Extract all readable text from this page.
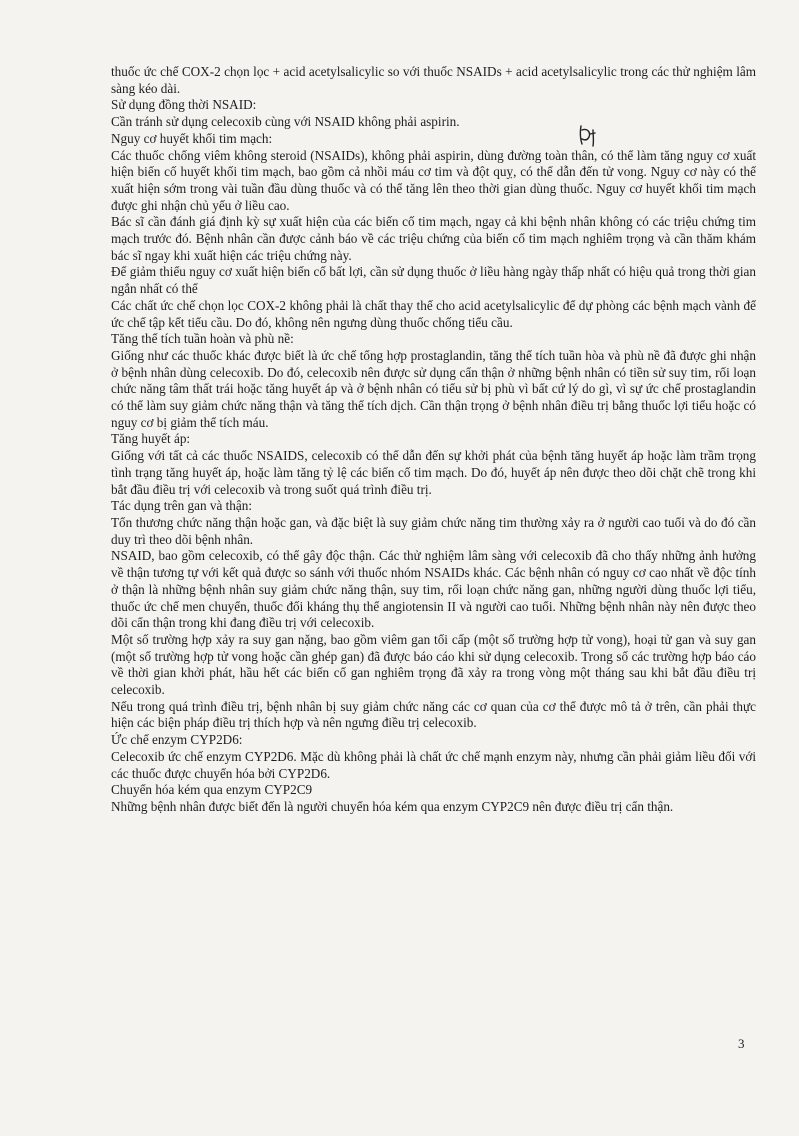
thuốc ức chế COX-2 chọn lọc + acid acetylsalicylic so với thuốc NSAIDs + acid acetylsalicylic trong các thử nghiệm lâm sàng kéo dài.

Sử dụng đồng thời NSAID:

Cần tránh sử dụng celecoxib cùng với NSAID không phải aspirin.

Nguy cơ huyết khối tim mạch:

Các thuốc chống viêm không steroid (NSAIDs), không phải aspirin, dùng đường toàn thân, có thể làm tăng nguy cơ xuất hiện biến cố huyết khối tim mạch, bao gồm cả nhồi máu cơ tim và đột quỵ, có thể dẫn đến tử vong. Nguy cơ này có thể xuất hiện sớm trong vài tuần đầu dùng thuốc và có thể tăng lên theo thời gian dùng thuốc. Nguy cơ huyết khối tim mạch được ghi nhận chủ yếu ở liều cao.

Bác sĩ cần đánh giá định kỳ sự xuất hiện của các biến cố tim mạch, ngay cả khi bệnh nhân không có các triệu chứng tim mạch trước đó. Bệnh nhân cần được cảnh báo về các triệu chứng của biến cố tim mạch nghiêm trọng và cần thăm khám bác sĩ ngay khi xuất hiện các triệu chứng này.

Để giảm thiểu nguy cơ xuất hiện biến cố bất lợi, cần sử dụng thuốc ở liều hàng ngày thấp nhất có hiệu quả trong thời gian ngắn nhất có thể

Các chất ức chế chọn lọc COX-2 không phải là chất thay thế cho acid acetylsalicylic để dự phòng các bệnh mạch vành để ức chế tập kết tiểu cầu. Do đó, không nên ngưng dùng thuốc chống tiểu cầu.

Tăng thể tích tuần hoàn và phù nề:

Giống như các thuốc khác được biết là ức chế tổng hợp prostaglandin, tăng thể tích tuần hòa và phù nề đã được ghi nhận ở bệnh nhân dùng celecoxib. Do đó, celecoxib nên được sử dụng cẩn thận ở những bệnh nhân có tiền sử suy tim, rối loạn chức năng tâm thất trái hoặc tăng huyết áp và ở bệnh nhân có tiểu sử bị phù vì bất cứ lý do gì, vì sự ức chế prostaglandin có thể làm suy giảm chức năng thận và tăng thể tích dịch. Cần thận trọng ở bệnh nhân điều trị bằng thuốc lợi tiểu hoặc có nguy cơ bị giảm thể tích máu.

Tăng huyết áp:

Giống với tất cả các thuốc NSAIDS, celecoxib có thể dẫn đến sự khởi phát của bệnh tăng huyết áp hoặc làm trầm trọng tình trạng tăng huyết áp, hoặc làm tăng tỷ lệ các biến cố tim mạch. Do đó, huyết áp nên được theo dõi chặt chẽ trong khi bắt đầu điều trị với celecoxib và trong suốt quá trình điều trị.

Tác dụng trên gan và thận:

Tổn thương chức năng thận hoặc gan, và đặc biệt là suy giảm chức năng tim thường xảy ra ở người cao tuổi và do đó cần duy trì theo dõi bệnh nhân.

NSAID, bao gồm celecoxib, có thể gây độc thận. Các thử nghiệm lâm sàng với celecoxib đã cho thấy những ảnh hưởng về thận tương tự với kết quả được so sánh với thuốc nhóm NSAIDs khác. Các bệnh nhân có nguy cơ cao nhất về độc tính ở thận là những bệnh nhân suy giảm chức năng thận, suy tim, rối loạn chức năng gan, những người dùng thuốc lợi tiểu, thuốc ức chế men chuyển, thuốc đối kháng thụ thể angiotensin II và người cao tuổi. Những bệnh nhân này nên được theo dõi cẩn thận trong khi đang điều trị với celecoxib.

Một số trường hợp xảy ra suy gan nặng, bao gồm viêm gan tối cấp (một số trường hợp tử vong), hoại tử gan và suy gan (một số trường hợp tử vong hoặc cần ghép gan) đã được báo cáo khi sử dụng celecoxib. Trong số các trường hợp báo cáo về thời gian khởi phát, hầu hết các biến cố gan nghiêm trọng đã xảy ra trong vòng một tháng sau khi bắt đầu điều trị celecoxib.

Nếu trong quá trình điều trị, bệnh nhân bị suy giảm chức năng các cơ quan của cơ thể được mô tả ở trên, cần phải thực hiện các biện pháp điều trị thích hợp và nên ngưng điều trị celecoxib.

Ức chế enzym CYP2D6:

Celecoxib ức chế enzym CYP2D6. Mặc dù không phải là chất ức chế mạnh enzym này, nhưng cần phải giảm liều đối với các thuốc được chuyển hóa bởi CYP2D6.

Chuyển hóa kém qua enzym CYP2C9

Những bệnh nhân được biết đến là người chuyển hóa kém qua enzym CYP2C9 nên được điều trị cẩn thận.

3
